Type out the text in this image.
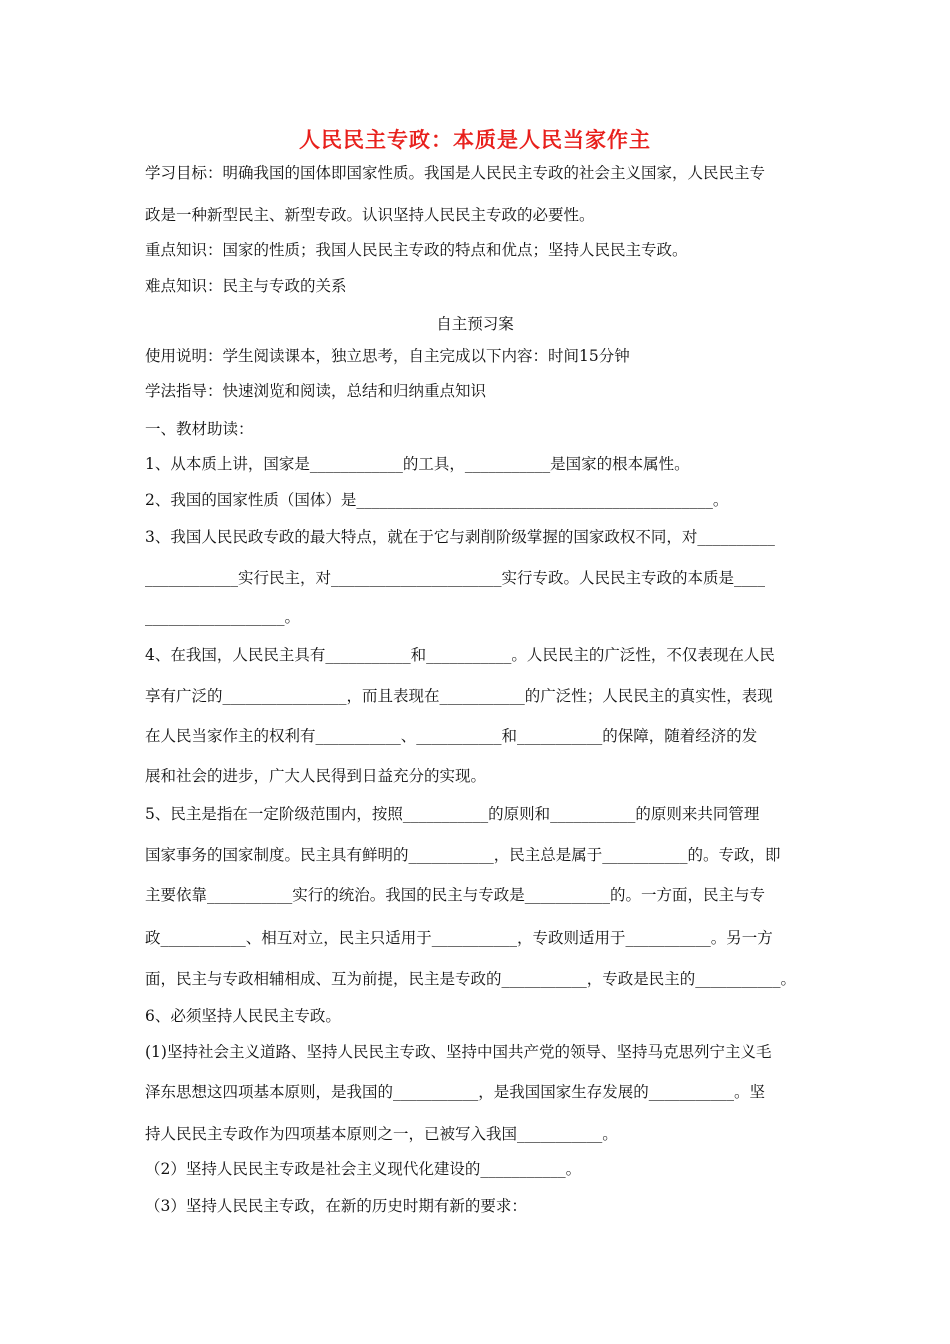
人民民主专政：本质是人民当家作主
学习目标：明确我国的国体即国家性质。我国是人民民主专政的社会主义国家，人民民主专
政是一种新型民主、新型专政。认识坚持人民民主专政的必要性。
重点知识：国家的性质；我国人民民主专政的特点和优点；坚持人民民主专政。
难点知识：民主与专政的关系
自主预习案
使用说明：学生阅读课本，独立思考，自主完成以下内容：时间15分钟
学法指导：快速浏览和阅读，总结和归纳重点知识
一、教材助读：
1、从本质上讲，国家是____________的工具，___________是国家的根本属性。
2、我国的国家性质（国体）是______________________________________________。
3、我国人民民政专政的最大特点，就在于它与剥削阶级掌握的国家政权不同，对__________
____________实行民主，对______________________实行专政。人民民主专政的本质是____
__________________。
4、在我国，人民民主具有___________和___________。人民民主的广泛性，不仅表现在人民
享有广泛的________________，而且表现在___________的广泛性；人民民主的真实性，表现
在人民当家作主的权利有___________、___________和___________的保障，随着经济的发
展和社会的进步，广大人民得到日益充分的实现。
5、民主是指在一定阶级范围内，按照___________的原则和___________的原则来共同管理
国家事务的国家制度。民主具有鲜明的___________，民主总是属于___________的。专政，即
主要依靠___________实行的统治。我国的民主与专政是___________的。一方面，民主与专
政___________、相互对立，民主只适用于___________，专政则适用于___________。另一方
面，民主与专政相辅相成、互为前提，民主是专政的___________，专政是民主的___________。
6、必须坚持人民民主专政。
(1)坚持社会主义道路、坚持人民民主专政、坚持中国共产党的领导、坚持马克思列宁主义毛
泽东思想这四项基本原则，是我国的___________，是我国国家生存发展的___________。坚
持人民民主专政作为四项基本原则之一，已被写入我国___________。
（2）坚持人民民主专政是社会主义现代化建设的___________。
（3）坚持人民民主专政，在新的历史时期有新的要求：
